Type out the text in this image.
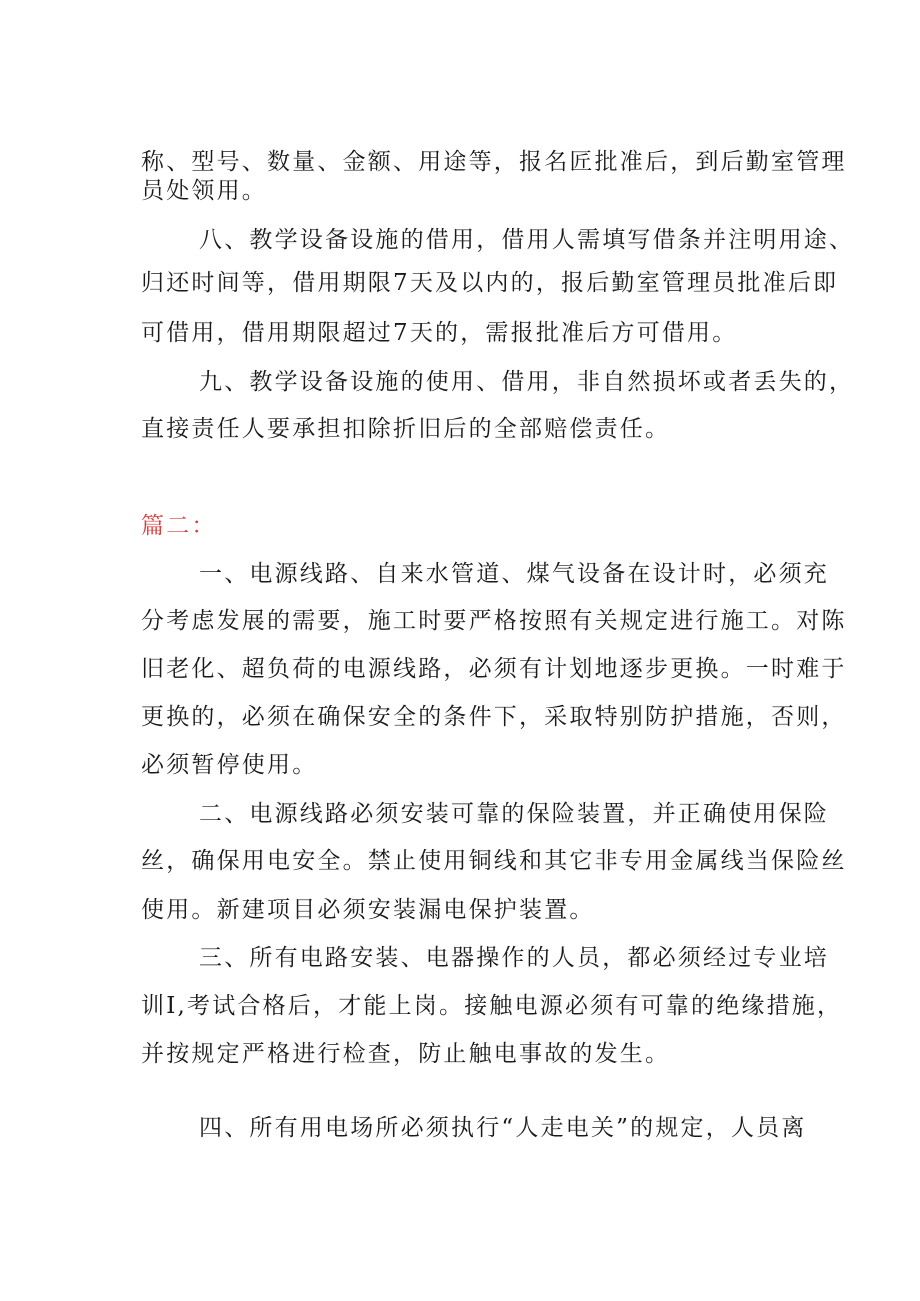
称、型号、数量、金额、用途等，报名匠批准后，到后勤室管理
员处领用。
八、教学设备设施的借用，借用人需填写借条并注明用途、
归还时间等，借用期限7天及以内的，报后勤室管理员批准后即
可借用，借用期限超过7天的，需报批准后方可借用。
九、教学设备设施的使用、借用，非自然损坏或者丢失的，
直接责任人要承担扣除折旧后的全部赔偿责任。
篇二：
一、电源线路、自来水管道、煤气设备在设计时，必须充
分考虑发展的需要，施工时要严格按照有关规定进行施工。对陈
旧老化、超负荷的电源线路，必须有计划地逐步更换。一时难于
更换的，必须在确保安全的条件下，采取特别防护措施，否则，
必须暂停使用。
二、电源线路必须安装可靠的保险装置，并正确使用保险
丝，确保用电安全。禁止使用铜线和其它非专用金属线当保险丝
使用。新建项目必须安装漏电保护装置。
三、所有电路安装、电器操作的人员，都必须经过专业培
训I,考试合格后，才能上岗。接触电源必须有可靠的绝缘措施，
并按规定严格进行检查，防止触电事故的发生。
四、所有用电场所必须执行“人走电关”的规定，人员离
